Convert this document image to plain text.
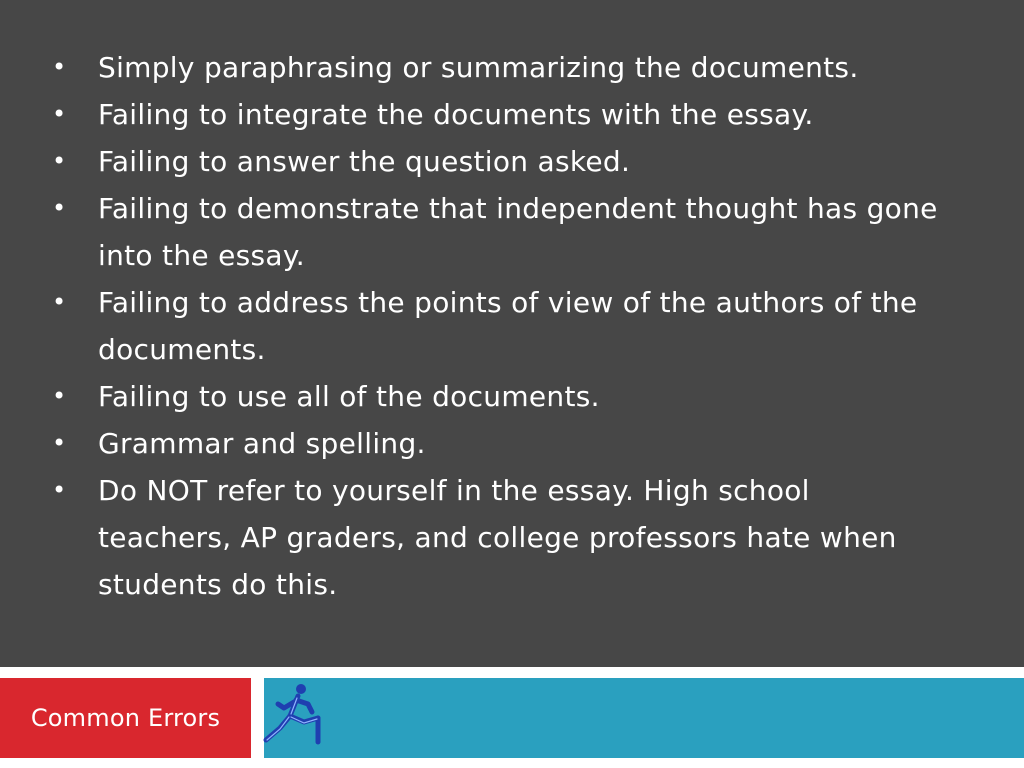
• Simply paraphrasing or summarizing the documents.
• Failing to integrate the documents with the essay.
• Failing to answer the question asked.
• Failing to demonstrate that independent thought has gone into the essay.
• Failing to address the points of view of the authors of the documents.
• Failing to use all of the documents.
• Grammar and spelling.
• Do NOT refer to yourself in the essay. High school teachers, AP graders, and college professors hate when students do this.
Common Errors
